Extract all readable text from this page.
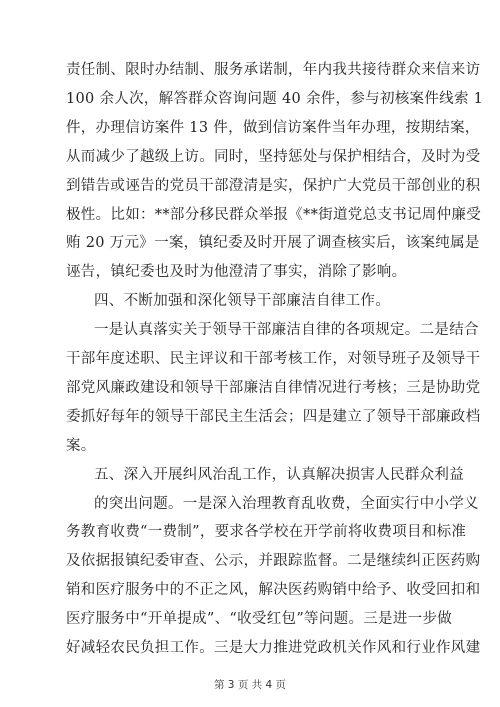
责任制、限时办结制、服务承诺制，年内我共接待群众来信来访
100 余人次，解答群众咨询问题 40 余件，参与初核案件线索 1
件，办理信访案件 13 件，做到信访案件当年办理，按期结案，
从而减少了越级上访。同时，坚持惩处与保护相结合，及时为受
到错告或诬告的党员干部澄清是实，保护广大党员干部创业的积
极性。比如：**部分移民群众举报《**街道党总支书记周仲廉受
贿 20 万元》一案，镇纪委及时开展了调查核实后，该案纯属是
诬告，镇纪委也及时为他澄清了事实，消除了影响。
四、不断加强和深化领导干部廉洁自律工作。
一是认真落实关于领导干部廉洁自律的各项规定。二是结合
干部年度述职、民主评议和干部考核工作，对领导班子及领导干
部党风廉政建设和领导干部廉洁自律情况进行考核；三是协助党
委抓好每年的领导干部民主生活会；四是建立了领导干部廉政档
案。
五、深入开展纠风治乱工作，认真解决损害人民群众利益
的突出问题。一是深入治理教育乱收费，全面实行中小学义
务教育收费“一费制”，要求各学校在开学前将收费项目和标准
及依据报镇纪委审查、公示，并跟踪监督。二是继续纠正医药购
销和医疗服务中的不正之风，解决医药购销中给予、收受回扣和
第 3 页 共 4 页
医疗服务中“开单提成”、“收受红包”等问题。三是进一步做
好减轻农民负担工作。三是大力推进党政机关作风和行业作风建
